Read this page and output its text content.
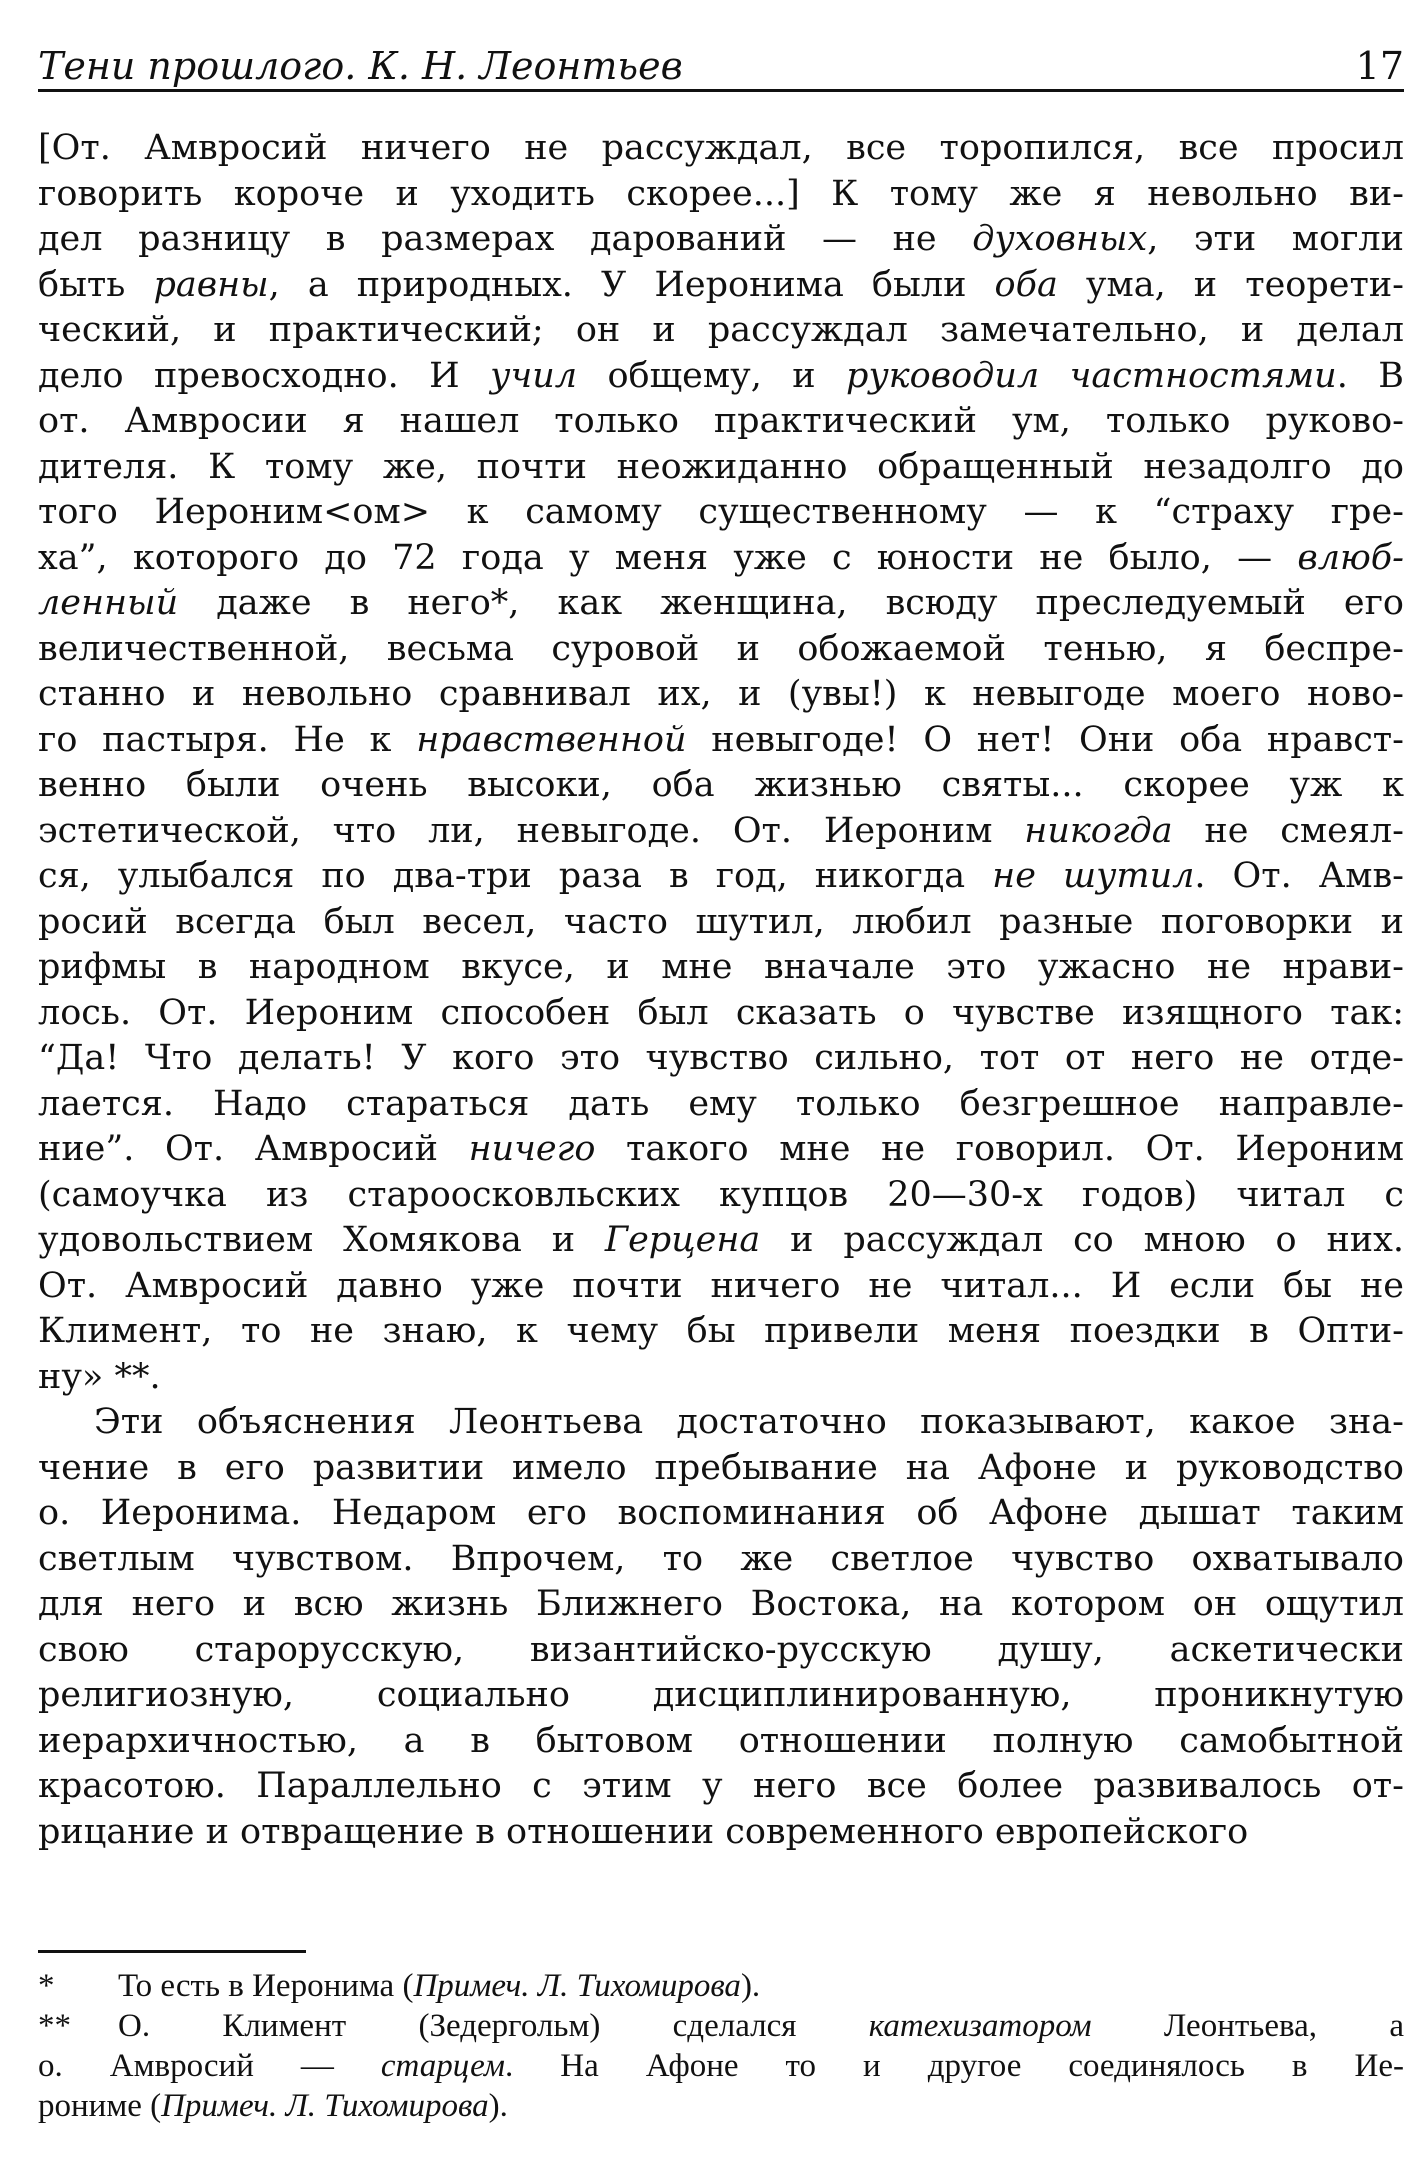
Тени прошлого. К. Н. Леонтьев	17
[От. Амвросий ничего не рассуждал, все торопился, все просил
говорить короче и уходить скорее...] К тому же я невольно ви-
дел разницу в размерах дарований — не духовных, эти могли
быть равны, а природных. У Иеронима были оба ума, и теорети-
ческий, и практический; он и рассуждал замечательно, и делал
дело превосходно. И учил общему, и руководил частностями. В
от. Амвросии я нашел только практический ум, только руково-
дителя. К тому же, почти неожиданно обращенный незадолго до
того Иероним<ом> к самому существенному — к “страху гре-
ха”, которого до 72 года у меня уже с юности не было, — влюб-
ленный даже в него*, как женщина, всюду преследуемый его
величественной, весьма суровой и обожаемой тенью, я беспре-
станно и невольно сравнивал их, и (увы!) к невыгоде моего ново-
го пастыря. Не к нравственной невыгоде! О нет! Они оба нравст-
венно были очень высоки, оба жизнью святы... скорее уж к
эстетической, что ли, невыгоде. От. Иероним никогда не смеял-
ся, улыбался по два-три раза в год, никогда не шутил. От. Амв-
росий всегда был весел, часто шутил, любил разные поговорки и
рифмы в народном вкусе, и мне вначале это ужасно не нрави-
лось. От. Иероним способен был сказать о чувстве изящного так:
“Да! Что делать! У кого это чувство сильно, тот от него не отде-
лается. Надо стараться дать ему только безгрешное направле-
ние”. От. Амвросий ничего такого мне не говорил. От. Иероним
(самоучка из староосковльских купцов 20—30-х годов) читал с
удовольствием Хомякова и Герцена и рассуждал со мною о них.
От. Амвросий давно уже почти ничего не читал... И если бы не
Климент, то не знаю, к чему бы привели меня поездки в Опти-
ну» **.
Эти объяснения Леонтьева достаточно показывают, какое зна-
чение в его развитии имело пребывание на Афоне и руководство
о. Иеронима. Недаром его воспоминания об Афоне дышат таким
светлым чувством. Впрочем, то же светлое чувство охватывало
для него и всю жизнь Ближнего Востока, на котором он ощутил
свою старорусскую, византийско-русскую душу, аскетически
религиозную, социально дисциплинированную, проникнутую
иерархичностью, а в бытовом отношении полную самобытной
красотою. Параллельно с этим у него все более развивалось от-
рицание и отвращение в отношении современного европейского
* То есть в Иеронима (Примеч. Л. Тихомирова).
** О. Климент (Зедергольм) сделался катехизатором Леонтьева, а
о. Амвросий — старцем. На Афоне то и другое соединялось в Ие-
рониме (Примеч. Л. Тихомирова).
